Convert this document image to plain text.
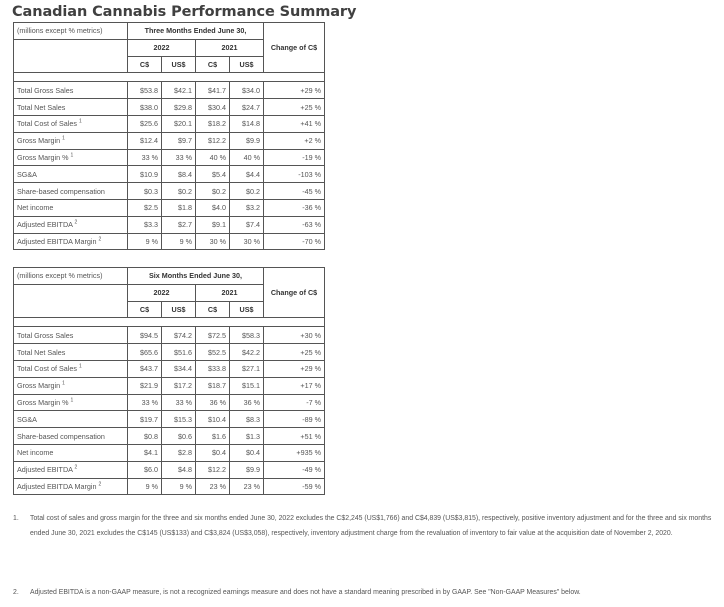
Canadian Cannabis Performance Summary
(millions except % metrics)	Three Months Ended June 30,				Change of C$
	2022		2021		
	C$	US$	C$	US$	

Total Gross Sales	$53.8	$42.1	$41.7	$34.0	+29 %
Total Net Sales	$38.0	$29.8	$30.4	$24.7	+25 %
Total Cost of Sales $^1$	$25.6	$20.1	$18.2	$14.8	+41 %
Gross Margin $^1$	$12.4	$9.7	$12.2	$9.9	+2 %
Gross Margin % $^1$	33 %	33 %	40 %	40 %	-19 %
SG&A	$10.9	$8.4	$5.4	$4.4	-103 %
Share-based compensation	$0.3	$0.2	$0.2	$0.2	-45 %
Net income	$2.5	$1.8	$4.0	$3.2	-36 %
Adjusted EBITDA $^2$	$3.3	$2.7	$9.1	$7.4	-63 %
Adjusted EBITDA Margin $^2$	9 %	9 %	30 %	30 %	-70 %
(millions except % metrics)	Six Months Ended June 30,				Change of C$
	2022		2021		
	C$	US$	C$	US$	

Total Gross Sales	$94.5	$74.2	$72.5	$58.3	+30 %
Total Net Sales	$65.6	$51.6	$52.5	$42.2	+25 %
Total Cost of Sales $^1$	$43.7	$34.4	$33.8	$27.1	+29 %
Gross Margin $^1$	$21.9	$17.2	$18.7	$15.1	+17 %
Gross Margin % $^1$	33 %	33 %	36 %	36 %	-7 %
SG&A	$19.7	$15.3	$10.4	$8.3	-89 %
Share-based compensation	$0.8	$0.6	$1.6	$1.3	+51 %
Net income	$4.1	$2.8	$0.4	$0.4	+935 %
Adjusted EBITDA $^2$	$6.0	$4.8	$12.2	$9.9	-49 %
Adjusted EBITDA Margin $^2$	9 %	9 %	23 %	23 %	-59 %
1. Total cost of sales and gross margin for the three and six months ended June 30, 2022 excludes the C$2,245 (US$1,766) and C$4,839 (US$3,815), respectively, positive inventory adjustment and for the three and six months ended June 30, 2021 excludes the C$145 (US$133) and C$3,824 (US$3,058), respectively, inventory adjustment charge from the revaluation of inventory to fair value at the acquisition date of November 2, 2020.
2. Adjusted EBITDA is a non-GAAP measure, is not a recognized earnings measure and does not have a standard meaning prescribed in by GAAP. See "Non-GAAP Measures" below.
